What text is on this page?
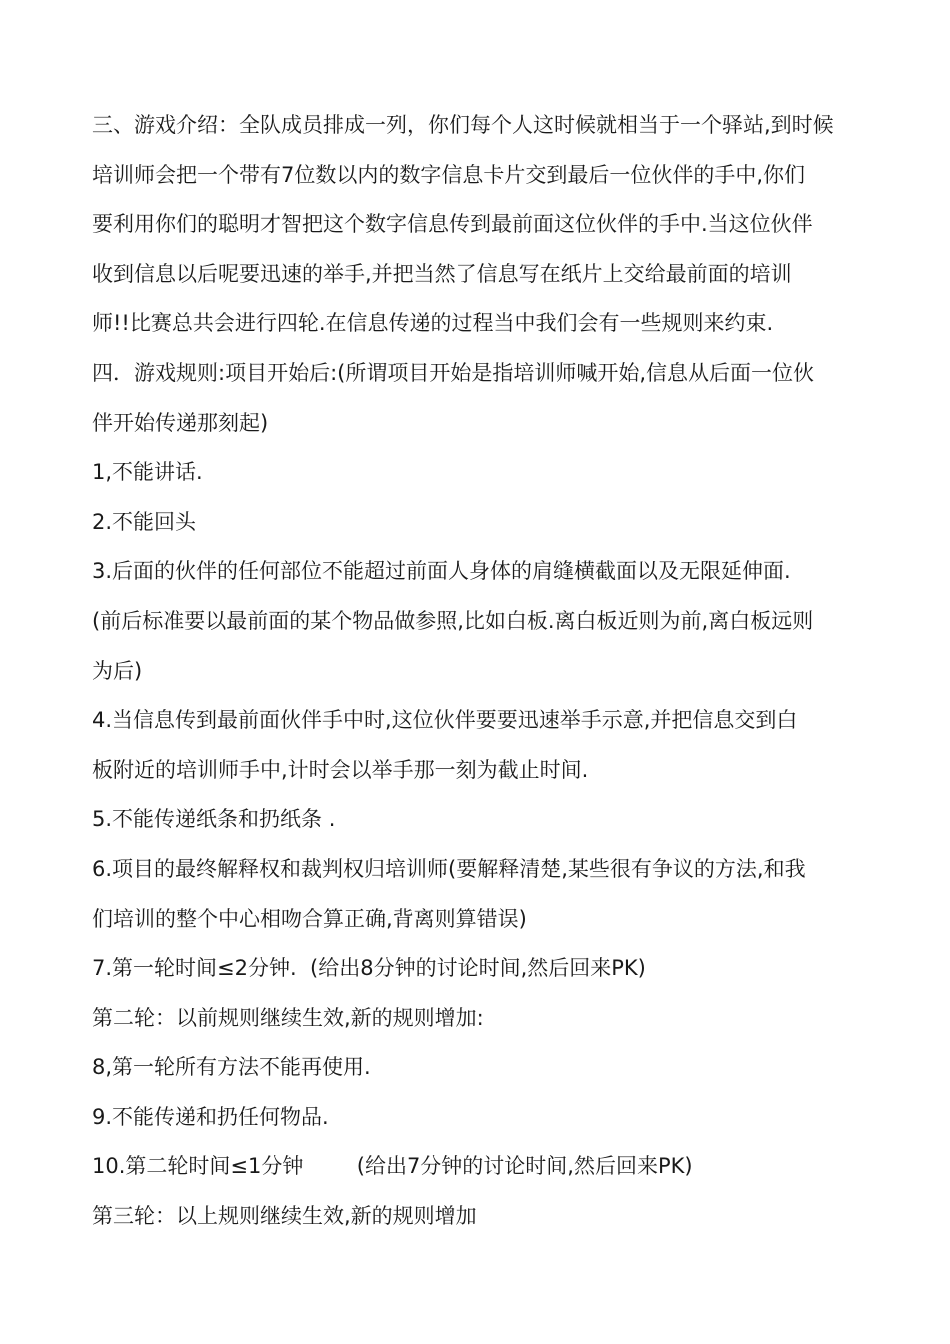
三、游戏介绍：全队成员排成一列，你们每个人这时候就相当于一个驿站,到时候
培训师会把一个带有7位数以内的数字信息卡片交到最后一位伙伴的手中,你们
要利用你们的聪明才智把这个数字信息传到最前面这位伙伴的手中.当这位伙伴
收到信息以后呢要迅速的举手,并把当然了信息写在纸片上交给最前面的培训
师!!比赛总共会进行四轮.在信息传递的过程当中我们会有一些规则来约束.
四．游戏规则:项目开始后:(所谓项目开始是指培训师喊开始,信息从后面一位伙
伴开始传递那刻起)
1,不能讲话.
2.不能回头
3.后面的伙伴的任何部位不能超过前面人身体的肩缝横截面以及无限延伸面.
(前后标准要以最前面的某个物品做参照,比如白板.离白板近则为前,离白板远则
为后)
4.当信息传到最前面伙伴手中时,这位伙伴要要迅速举手示意,并把信息交到白
板附近的培训师手中,计时会以举手那一刻为截止时间.
5.不能传递纸条和扔纸条 .
6.项目的最终解释权和裁判权归培训师(要解释清楚,某些很有争议的方法,和我
们培训的整个中心相吻合算正确,背离则算错误)
7.第一轮时间≤2分钟.  (给出8分钟的讨论时间,然后回来PK)
第二轮：以前规则继续生效,新的规则增加:
8,第一轮所有方法不能再使用.
9.不能传递和扔任何物品.
10.第二轮时间≤1分钟        (给出7分钟的讨论时间,然后回来PK)
第三轮：以上规则继续生效,新的规则增加
